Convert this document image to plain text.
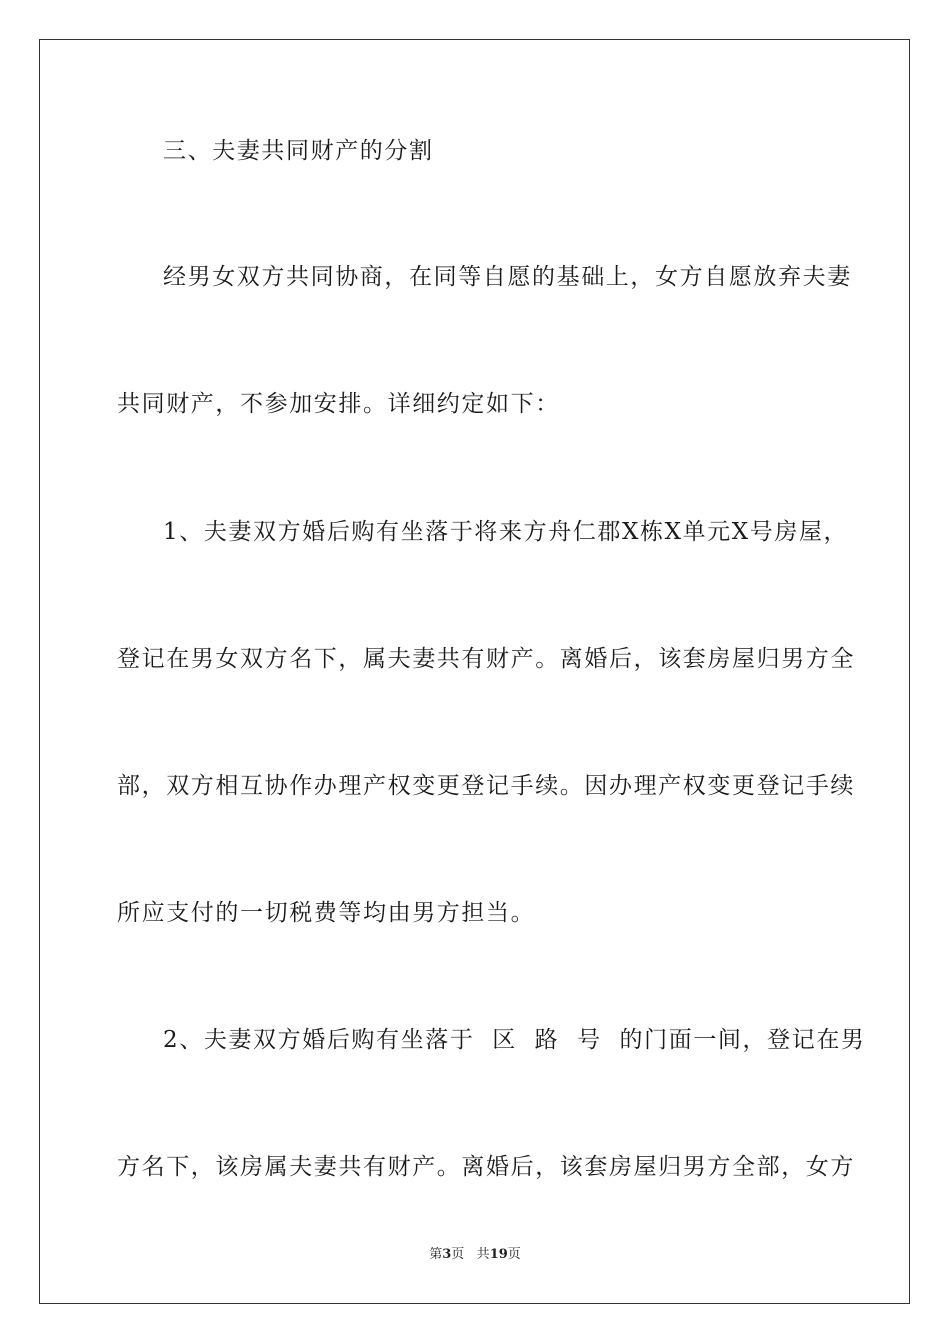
三、夫妻共同财产的分割
经男女双方共同协商，在同等自愿的基础上，女方自愿放弃夫妻
共同财产，不参加安排。详细约定如下：
1、夫妻双方婚后购有坐落于将来方舟仁郡X栋X单元X号房屋，
登记在男女双方名下，属夫妻共有财产。离婚后，该套房屋归男方全
部，双方相互协作办理产权变更登记手续。因办理产权变更登记手续
所应支付的一切税费等均由男方担当。
2、夫妻双方婚后购有坐落于  区  路  号  的门面一间，登记在男
方名下，该房属夫妻共有财产。离婚后，该套房屋归男方全部，女方
第3页 共19页
